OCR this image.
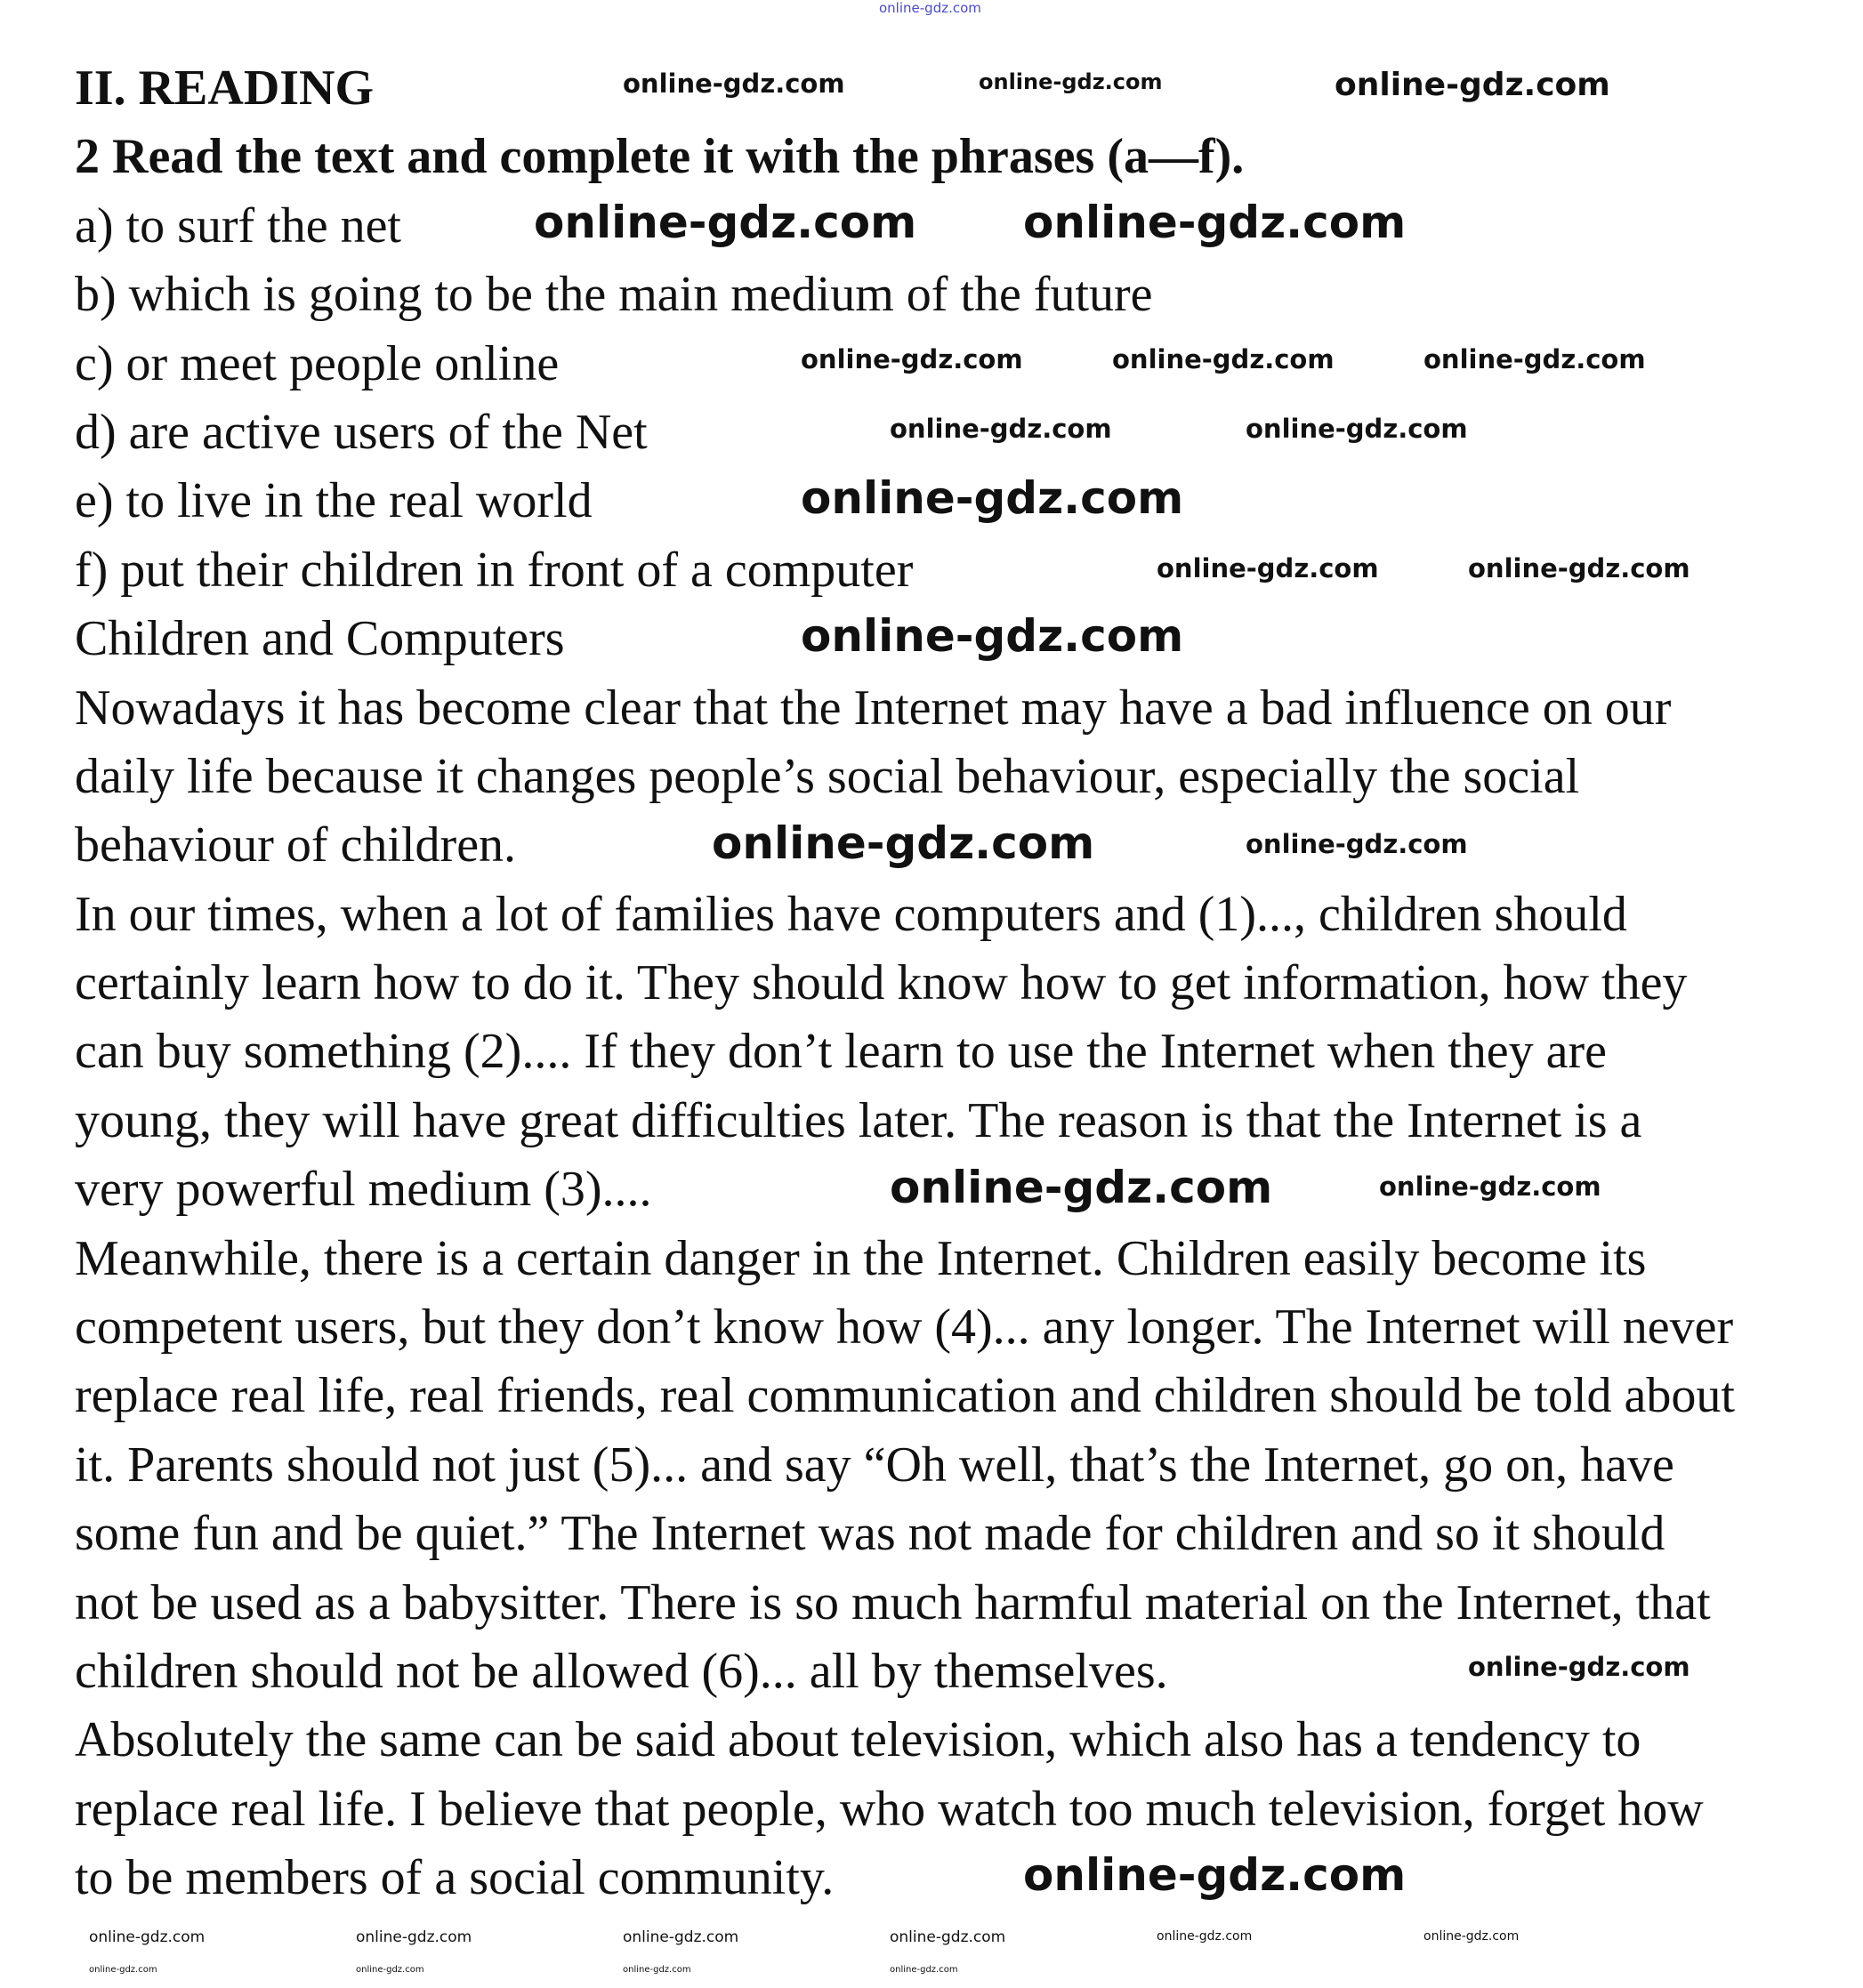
II. READING
2 Read the text and complete it with the phrases (a—f).
a) to surf the net
b) which is going to be the main medium of the future
c) or meet people online
d) are active users of the Net
e) to live in the real world
f) put their children in front of a computer
Children and Computers
Nowadays it has become clear that the Internet may have a bad influence on our
daily life because it changes people’s social behaviour, especially the social
behaviour of children.
In our times, when a lot of families have computers and (1)..., children should
certainly learn how to do it. They should know how to get information, how they
can buy something (2).... If they don’t learn to use the Internet when they are
young, they will have great difficulties later. The reason is that the Internet is a
very powerful medium (3)....
Meanwhile, there is a certain danger in the Internet. Children easily become its
competent users, but they don’t know how (4)... any longer. The Internet will never
replace real life, real friends, real communication and children should be told about
it. Parents should not just (5)... and say “Oh well, that’s the Internet, go on, have
some fun and be quiet.” The Internet was not made for children and so it should
not be used as a babysitter. There is so much harmful material on the Internet, that
children should not be allowed (6)... all by themselves.
Absolutely the same can be said about television, which also has a tendency to
replace real life. I believe that people, who watch too much television, forget how
to be members of a social community.
online-gdz.com
online-gdz.com online-gdz.com
online-gdz.com
online-gdz.com
online-gdz.com
online-gdz.com
online-gdz.com	online-gdz.com	online-gdz.com
online-gdz.com	online-gdz.com	online-gdz.com
online-gdz.com	online-gdz.com
online-gdz.com	online-gdz.com
online-gdz.com
online-gdz.com
online-gdz.com
online-gdz.com
online-gdz.com	online-gdz.com	online-gdz.com	online-gdz.com	online-gdz.com	online-gdz.com
online-gdz.com	online-gdz.com	online-gdz.com	online-gdz.com
